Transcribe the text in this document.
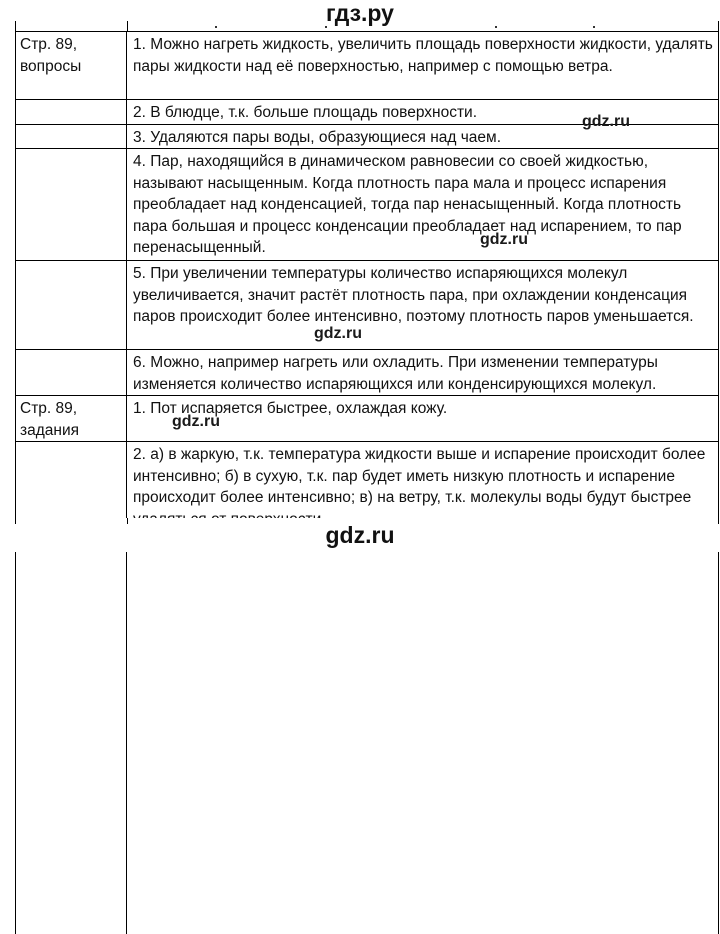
гдз.ру
Стр. 89, вопросы	1. Можно нагреть жидкость, увеличить площадь поверхности жидкости, удалять пары жидкости над её поверхностью, например с помощью ветра.
	2. В блюдце, т.к. больше площадь поверхности.
	3. Удаляются пары воды, образующиеся над чаем.
	4. Пар, находящийся в динамическом равновесии со своей жидкостью, называют насыщенным. Когда плотность пара мала и процесс испарения преобладает над конденсацией, тогда пар ненасыщенный. Когда плотность пара большая и процесс конденсации преобладает над испарением, то пар перенасыщенный.
	5. При увеличении температуры количество испаряющихся молекул увеличивается, значит растёт плотность пара, при охлаждении конденсация паров происходит более интенсивно, поэтому плотность паров уменьшается.
	6. Можно, например нагреть или охладить. При изменении температуры изменяется количество испаряющихся или конденсирующихся молекул.
Стр. 89, задания	1. Пот испаряется быстрее, охлаждая кожу.
	2. а) в жаркую, т.к. температура жидкости выше и испарение происходит более интенсивно; б) в сухую, т.к. пар будет иметь низкую плотность и испарение происходит более интенсивно; в) на ветру, т.к. молекулы воды будут быстрее
gdz.ru
gdz.ru
gdz.ru
gdz.ru
gdz.ru
